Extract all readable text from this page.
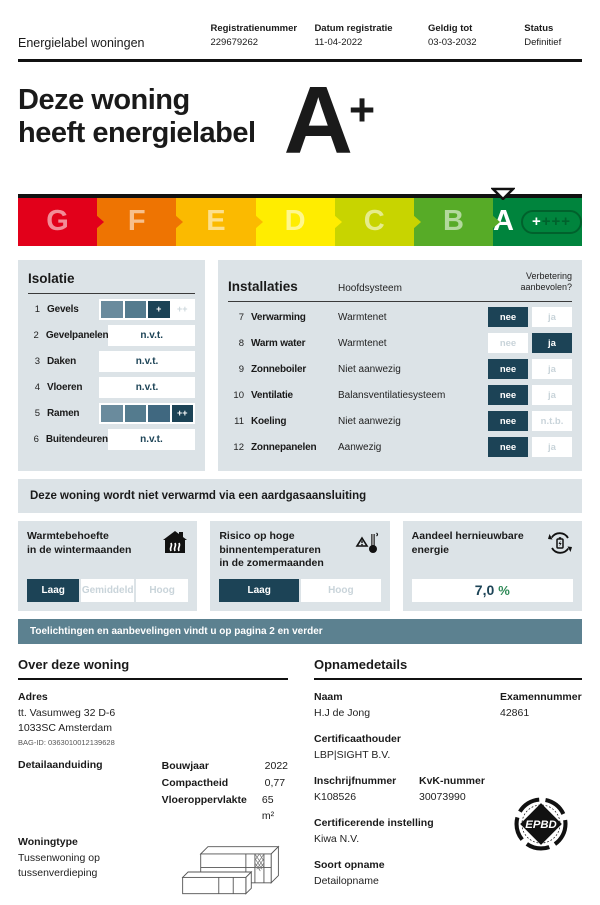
Energielabel woningen
Registratienummer
229679262
Datum registratie
11-04-2022
Geldig tot
03-03-2032
Status
Definitief
Deze woning
heeft energielabel A+
G F E D C B A + +++
Isolatie
1 Gevels	+	++
2 Gevelpanelen	n.v.t.
3 Daken	n.v.t.
4 Vloeren	n.v.t.
5 Ramen	++
6 Buitendeuren	n.v.t.
Installaties	Hoofdsysteem
Verbetering
aanbevolen?
7 Verwarming	Warmtenet	nee	ja
8 Warm water	Warmtenet	nee	ja
9 Zonneboiler	Niet aanwezig	nee	ja
10 Ventilatie	Balansventilatiesysteem	nee	ja
11 Koeling	Niet aanwezig	nee	n.t.b.
12 Zonnepanelen	Aanwezig	nee	ja
Deze woning wordt niet verwarmd via een aardgasaansluiting
Warmtebehoefte
in de wintermaanden
Laag	Gemiddeld	Hoog
Risico op hoge
binnentemperaturen
in de zomermaanden
Laag	Hoog
Aandeel hernieuwbare
energie
7,0 %
Toelichtingen en aanbevelingen vindt u op pagina 2 en verder
Over deze woning
Adres
tt. Vasumweg 32 D-6
1033SC Amsterdam
BAG-ID: 0363010012139628
Detailaanduiding	Bouwjaar	2022
Compactheid	0,77
Vloeroppervlakte	65 m²
Woningtype
Tussenwoning op
tussenverdieping
Opnamedetails
Naam
H.J de Jong
Examennummer
42861
Certificaathouder
LBP|SIGHT B.V.
Inschrijfnummer
K108526
KvK-nummer
30073990
Certificerende instelling
Kiwa N.V.
Soort opname
Detailopname
EPBD
